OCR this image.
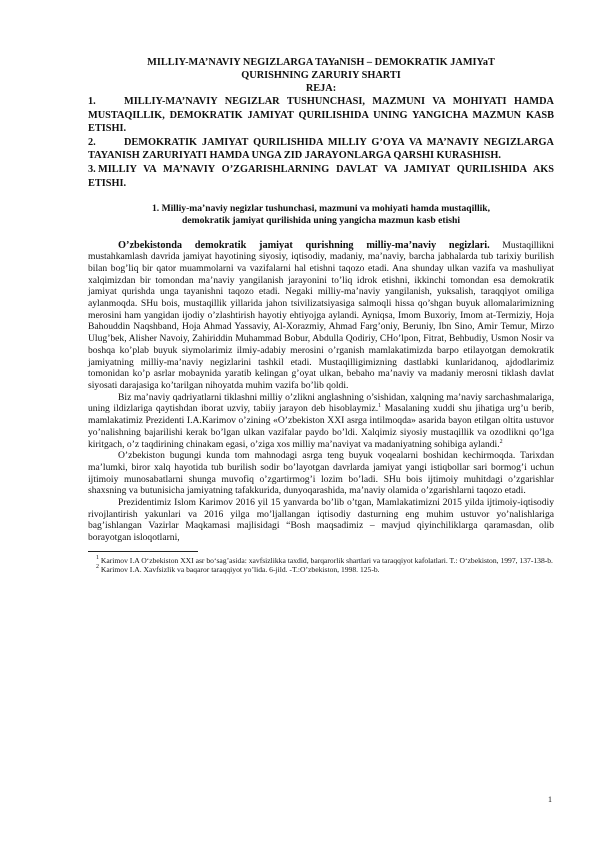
MILLIY-MA’NAVIY NEGIZLARGA TAYaNISH – DEMOKRATIK JAMIYaT
QURISHNING ZARURIY SHARTI

REJA:

1.	MILLIY-MA’NAVIY NEGIZLAR TUSHUNCHASI, MAZMUNI VA MOHIYATI HAMDA MUSTAQILLIK, DEMOKRATIK JAMIYAT QURILISHIDA UNING YANGICHA MAZMUN KASB ETISHI.

2.	DEMOKRATIK JAMIYAT QURILISHIDA MILLIY G’OYA VA MA’NAVIY NEGIZLARGA TAYANISH ZARURIYATI HAMDA UNGA ZID JARAYONLARGA QARSHI KURASHISH.

3. MILLIY VA MA’NAVIY O’ZGARISHLARNING DAVLAT VA JAMIYAT QURILISHIDA AKS ETISHI.

1. Milliy-ma’naviy negizlar tushunchasi, mazmuni va mohiyati hamda mustaqillik, demokratik jamiyat qurilishida uning yangicha mazmun kasb etishi

O’zbekistonda demokratik jamiyat qurishning milliy-ma’naviy negizlari. Mustaqillikni mustahkamlash davrida jamiyat hayotining siyosiy, iqtisodiy, madaniy, ma’naviy, barcha jabhalarda tub tarixiy burilish bilan bog’liq bir qator muammolarni va vazifalarni hal etishni taqozo etadi. Ana shunday ulkan vazifa va mashuliyat xalqimizdan bir tomondan ma’naviy yangilanish jarayonini to’liq idrok etishni, ikkinchi tomondan esa demokratik jamiyat qurishda unga tayanishni taqozo etadi. Negaki milliy-ma’naviy yangilanish, yuksalish, taraqqiyot omiliga aylanmoqda. SHu bois, mustaqillik yillarida jahon tsivilizatsiyasiga salmoqli hissa qo’shgan buyuk allomalarimizning merosini ham yangidan ijodiy o’zlashtirish hayotiy ehtiyojga aylandi. Ayniqsa, Imom Buxoriy, Imom at-Termiziy, Hoja Bahouddin Naqshband, Hoja Ahmad Yassaviy, Al-Xorazmiy, Ahmad Farg’oniy, Beruniy, Ibn Sino, Amir Temur, Mirzo Ulug’bek, Alisher Navoiy, Zahiriddin Muhammad Bobur, Abdulla Qodiriy, CHo’lpon, Fitrat, Behbudiy, Usmon Nosir va boshqa ko’plab buyuk siymolarimiz ilmiy-adabiy merosini o’rganish mamlakatimizda barpo etilayotgan demokratik jamiyatning milliy-ma’naviy negizlarini tashkil etadi. Mustaqilligimizning dastlabki kunlaridanoq, ajdodlarimiz tomonidan ko’p asrlar mobaynida yaratib kelingan g’oyat ulkan, bebaho ma’naviy va madaniy merosni tiklash davlat siyosati darajasiga ko’tarilgan nihoyatda muhim vazifa bo’lib qoldi.

Biz ma’naviy qadriyatlarni tiklashni milliy o’zlikni anglashning o’sishidan, xalqning ma’naviy sarchashmalariga, uning ildizlariga qaytishdan iborat uzviy, tabiiy jarayon deb hisoblaymiz.$^1$ Masalaning xuddi shu jihatiga urg’u berib, mamlakatimiz Prezidenti I.A.Karimov o’zining «O’zbekiston XXI asrga intilmoqda» asarida bayon etilgan oltita ustuvor yo’nalishning bajarilishi kerak bo’lgan ulkan vazifalar paydo bo’ldi. Xalqimiz siyosiy mustaqillik va ozodlikni qo’lga kiritgach, o’z taqdirining chinakam egasi, o’ziga xos milliy ma’naviyat va madaniyatning sohibiga aylandi.$^2$

O’zbekiston bugungi kunda tom mahnodagi asrga teng buyuk voqealarni boshidan kechirmoqda. Tarixdan ma’lumki, biror xalq hayotida tub burilish sodir bo’layotgan davrlarda jamiyat yangi istiqbollar sari bormog’i uchun ijtimoiy munosabatlarni shunga muvofiq o’zgartirmog’i lozim bo’ladi. SHu bois ijtimoiy muhitdagi o’zgarishlar shaxsning va butunisicha jamiyatning tafakkurida, dunyoqarashida, ma’naviy olamida o’zgarishlarni taqozo etadi.

Prezidentimiz Islom Karimov 2016 yil 15 yanvarda bo’lib o’tgan, Mamlakatimizni 2015 yilda ijtimoiy-iqtisodiy rivojlantirish yakunlari va 2016 yilga mo’ljallangan iqtisodiy dasturning eng muhim ustuvor yo’nalishlariga bag’ishlangan Vazirlar Maqkamasi majlisidagi “Bosh maqsadimiz – mavjud qiyinchiliklarga qaramasdan, olib borayotgan isloqotlarni,

$^1$ Karimov I.A O‘zbekiston XXI asr bo‘sag’asida: xavfsizlikka taxdid, barqarorlik shartlari va taraqqiyot kafolatlari. T.: O‘zbekiston, 1997, 137-138-b.

$^2$ Karimov I.A. Xavfsizlik va baqaror taraqqiyot yo’lida. 6-jild. -T.:O’zbekiston, 1998. 125-b.

1
